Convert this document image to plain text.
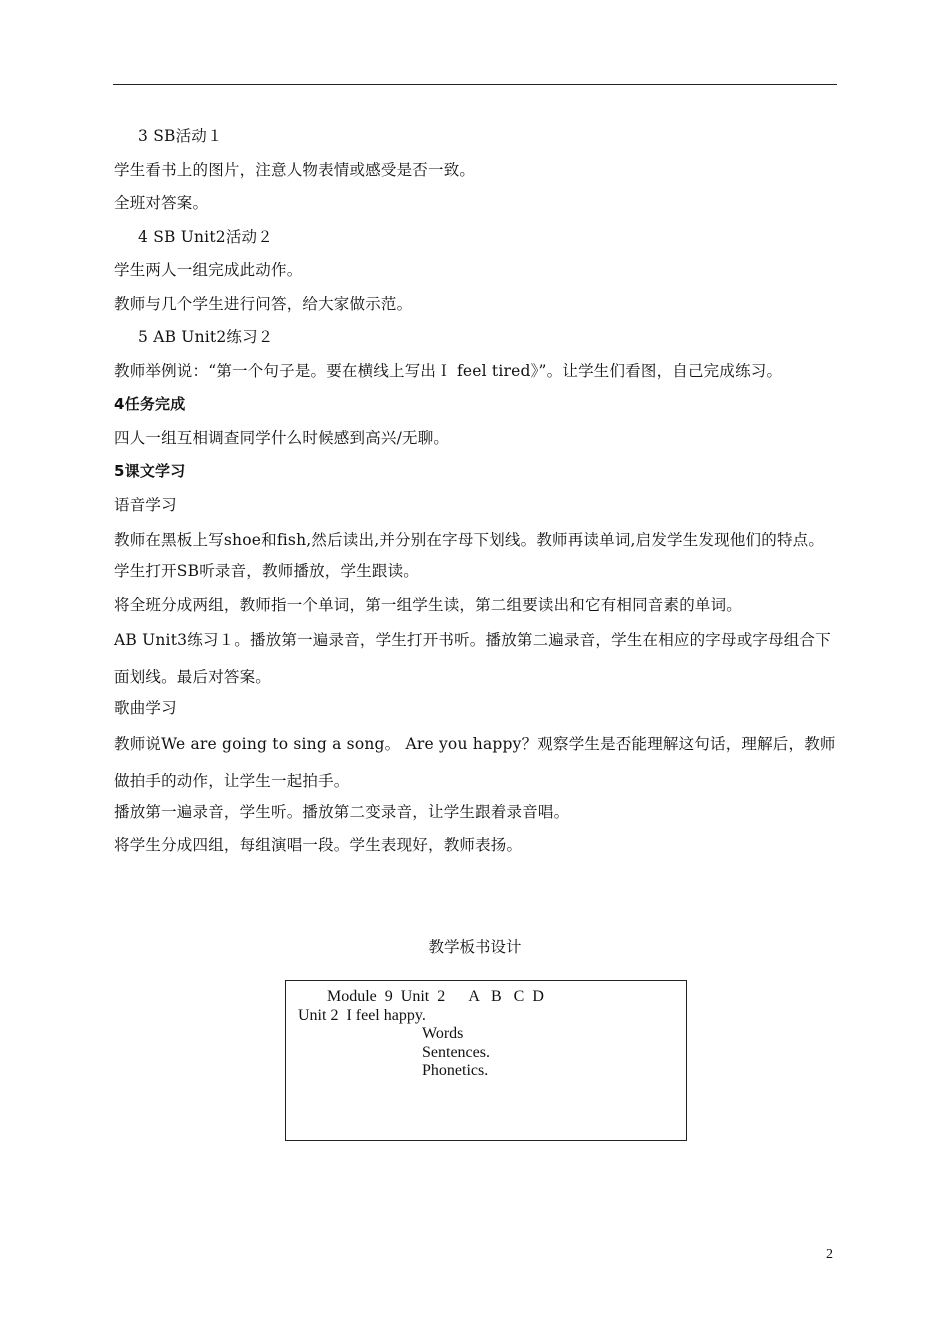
3 SB活动１
学生看书上的图片，注意人物表情或感受是否一致。
全班对答案。
4 SB Unit2活动２
学生两人一组完成此动作。
教师与几个学生进行问答，给大家做示范。
5 AB Unit2练习２
教师举例说：“第一个句子是。要在横线上写出Ｉ feel tired》”。让学生们看图，自己完成练习。
4任务完成
四人一组互相调查同学什么时候感到高兴/无聊。
5课文学习
语音学习
教师在黑板上写shoe和fish,然后读出,并分别在字母下划线。教师再读单词,启发学生发现他们的特点。
学生打开SB听录音，教师播放，学生跟读。
将全班分成两组，教师指一个单词，第一组学生读，第二组要读出和它有相同音素的单词。
AB Unit3练习１。播放第一遍录音，学生打开书听。播放第二遍录音，学生在相应的字母或字母组合下面划线。最后对答案。
歌曲学习
教师说We are going to sing a song。 Are you happy？观察学生是否能理解这句话，理解后，教师做拍手的动作，让学生一起拍手。
播放第一遍录音，学生听。播放第二变录音，让学生跟着录音唱。
将学生分成四组，每组演唱一段。学生表现好，教师表扬。
教学板书设计
Module  9  Unit  2      A   B   C  D
Unit 2  I feel happy.
Words
Sentences.
Phonetics.
2
